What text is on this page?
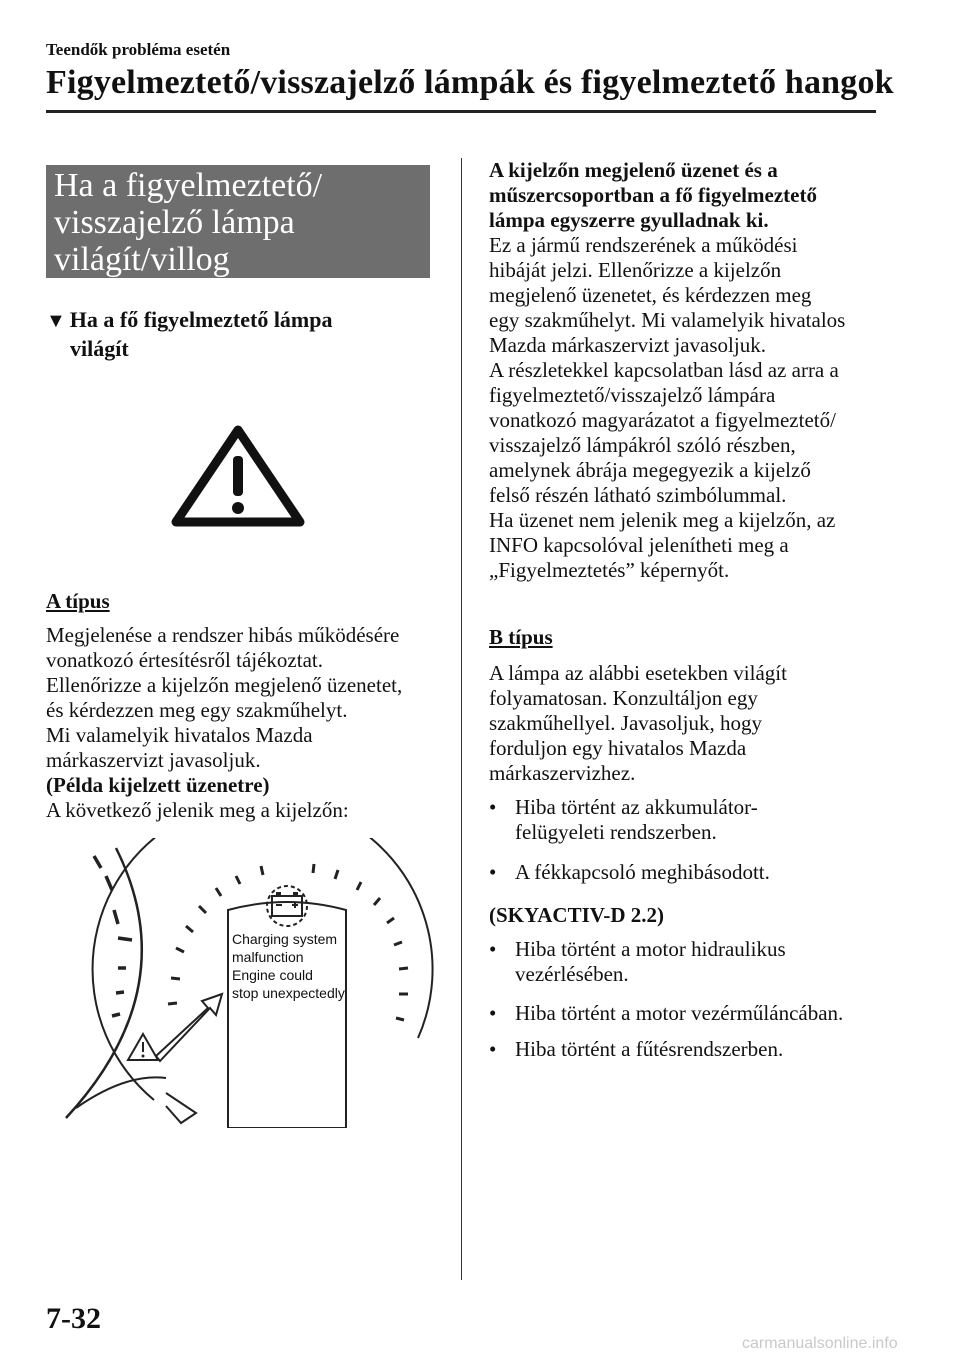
Teendők probléma esetén
Figyelmeztető/visszajelző lámpák és figyelmeztető hangok
Ha a figyelmeztető/
visszajelző lámpa
világít/villog
▼ Ha a fő figyelmeztető lámpa
világít
A típus
Megjelenése a rendszer hibás működésére
vonatkozó értesítésről tájékoztat.
Ellenőrizze a kijelzőn megjelenő üzenetet,
és kérdezzen meg egy szakműhelyt.
Mi valamelyik hivatalos Mazda
márkaszervizt javasoljuk.
(Példa kijelzett üzenetre)
A következő jelenik meg a kijelzőn:
Charging system
malfunction
Engine could
stop unexpectedly
A kijelzőn megjelenő üzenet és a
műszercsoportban a fő figyelmeztető
lámpa egyszerre gyulladnak ki.
Ez a jármű rendszerének a működési
hibáját jelzi. Ellenőrizze a kijelzőn
megjelenő üzenetet, és kérdezzen meg
egy szakműhelyt. Mi valamelyik hivatalos
Mazda márkaszervizt javasoljuk.
A részletekkel kapcsolatban lásd az arra a
figyelmeztető/visszajelző lámpára
vonatkozó magyarázatot a figyelmeztető/
visszajelző lámpákról szóló részben,
amelynek ábrája megegyezik a kijelző
felső részén látható szimbólummal.
Ha üzenet nem jelenik meg a kijelzőn, az
INFO kapcsolóval jelenítheti meg a
„Figyelmeztetés” képernyőt.
B típus
A lámpa az alábbi esetekben világít
folyamatosan. Konzultáljon egy
szakműhellyel. Javasoljuk, hogy
forduljon egy hivatalos Mazda
márkaszervizhez.
• Hiba történt az akkumulátor-
felügyeleti rendszerben.
• A fékkapcsoló meghibásodott.
(SKYACTIV-D 2.2)
• Hiba történt a motor hidraulikus
vezérlésében.
• Hiba történt a motor vezérműláncában.
• Hiba történt a fűtésrendszerben.
7-32
carmanualsonline.info
